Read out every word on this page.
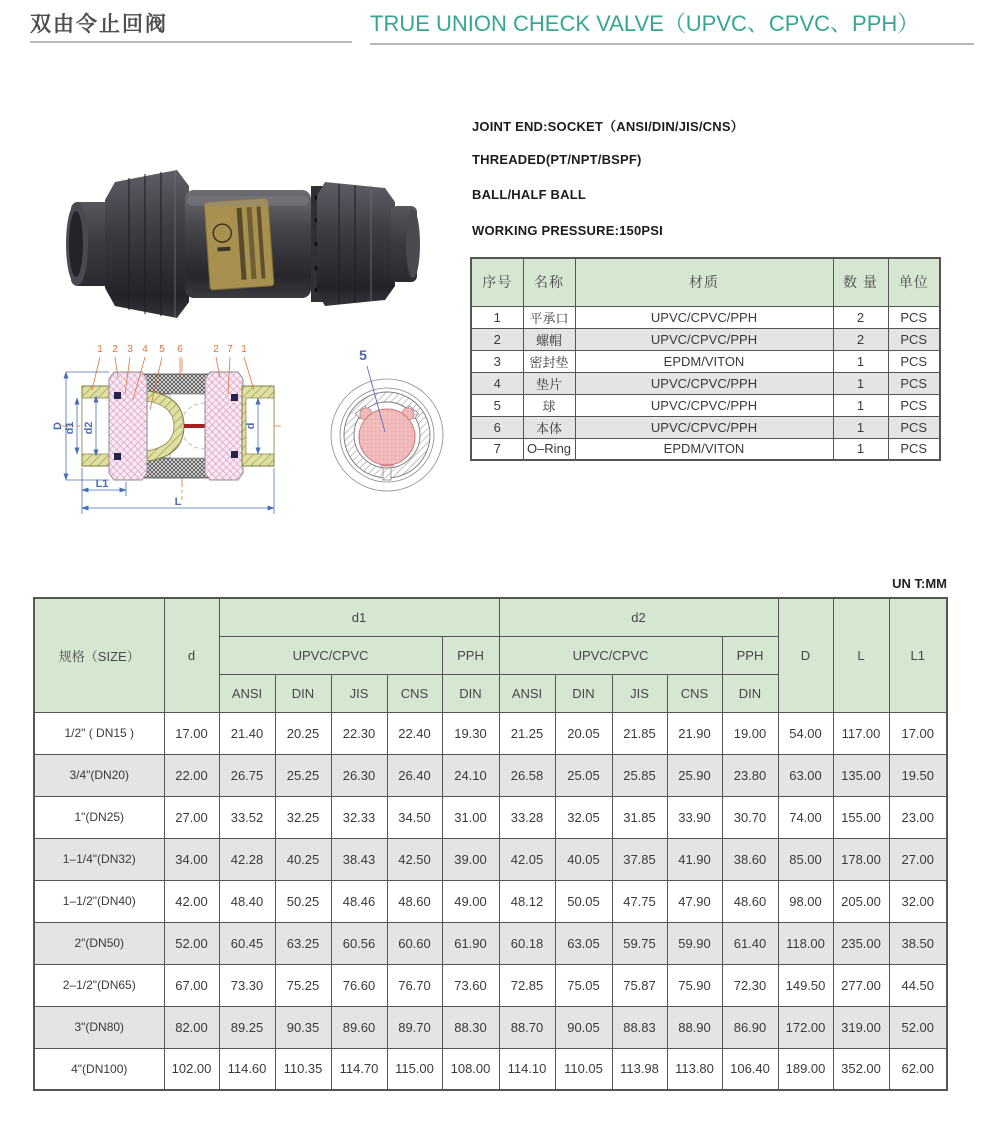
双由令止回阀	TRUE UNION CHECK VALVE（UPVC、CPVC、PPH）
JOINT END:SOCKET（ANSI/DIN/JIS/CNS）
THREADED(PT/NPT/BSPF)
BALL/HALF BALL
WORKING PRESSURE:150PSI
序号	名称	材质	数 量	单位
1	平承口	UPVC/CPVC/PPH	2	PCS
2	螺帽	UPVC/CPVC/PPH	2	PCS
3	密封垫	EPDM/VITON	1	PCS
4	垫片	UPVC/CPVC/PPH	1	PCS
5	球	UPVC/CPVC/PPH	1	PCS
6	本体	UPVC/CPVC/PPH	1	PCS
7	O–Ring	EPDM/VITON	1	PCS
1 2 3 4 5 6	2 7 1
D d1 d2	d
L1
L
5
UN T:MM
规格（SIZE）	d	d1					d2					D	L	L1
		UPVC/CPVC				PPH	UPVC/CPVC				PPH			
		ANSI	DIN	JIS	CNS	DIN	ANSI	DIN	JIS	CNS	DIN			
1/2" ( DN15 )	17.00	21.40	20.25	22.30	22.40	19.30	21.25	20.05	21.85	21.90	19.00	54.00	117.00	17.00
3/4"(DN20)	22.00	26.75	25.25	26.30	26.40	24.10	26.58	25.05	25.85	25.90	23.80	63.00	135.00	19.50
1"(DN25)	27.00	33.52	32.25	32.33	34.50	31.00	33.28	32.05	31.85	33.90	30.70	74.00	155.00	23.00
1–1/4"(DN32)	34.00	42.28	40.25	38.43	42.50	39.00	42.05	40.05	37.85	41.90	38.60	85.00	178.00	27.00
1–1/2"(DN40)	42.00	48.40	50.25	48.46	48.60	49.00	48.12	50.05	47.75	47.90	48.60	98.00	205.00	32.00
2"(DN50)	52.00	60.45	63.25	60.56	60.60	61.90	60.18	63.05	59.75	59.90	61.40	118.00	235.00	38.50
2–1/2"(DN65)	67.00	73.30	75.25	76.60	76.70	73.60	72.85	75.05	75.87	75.90	72.30	149.50	277.00	44.50
3"(DN80)	82.00	89.25	90.35	89.60	89.70	88.30	88.70	90.05	88.83	88.90	86.90	172.00	319.00	52.00
4"(DN100)	102.00	114.60	110.35	114.70	115.00	108.00	114.10	110.05	113.98	113.80	106.40	189.00	352.00	62.00
